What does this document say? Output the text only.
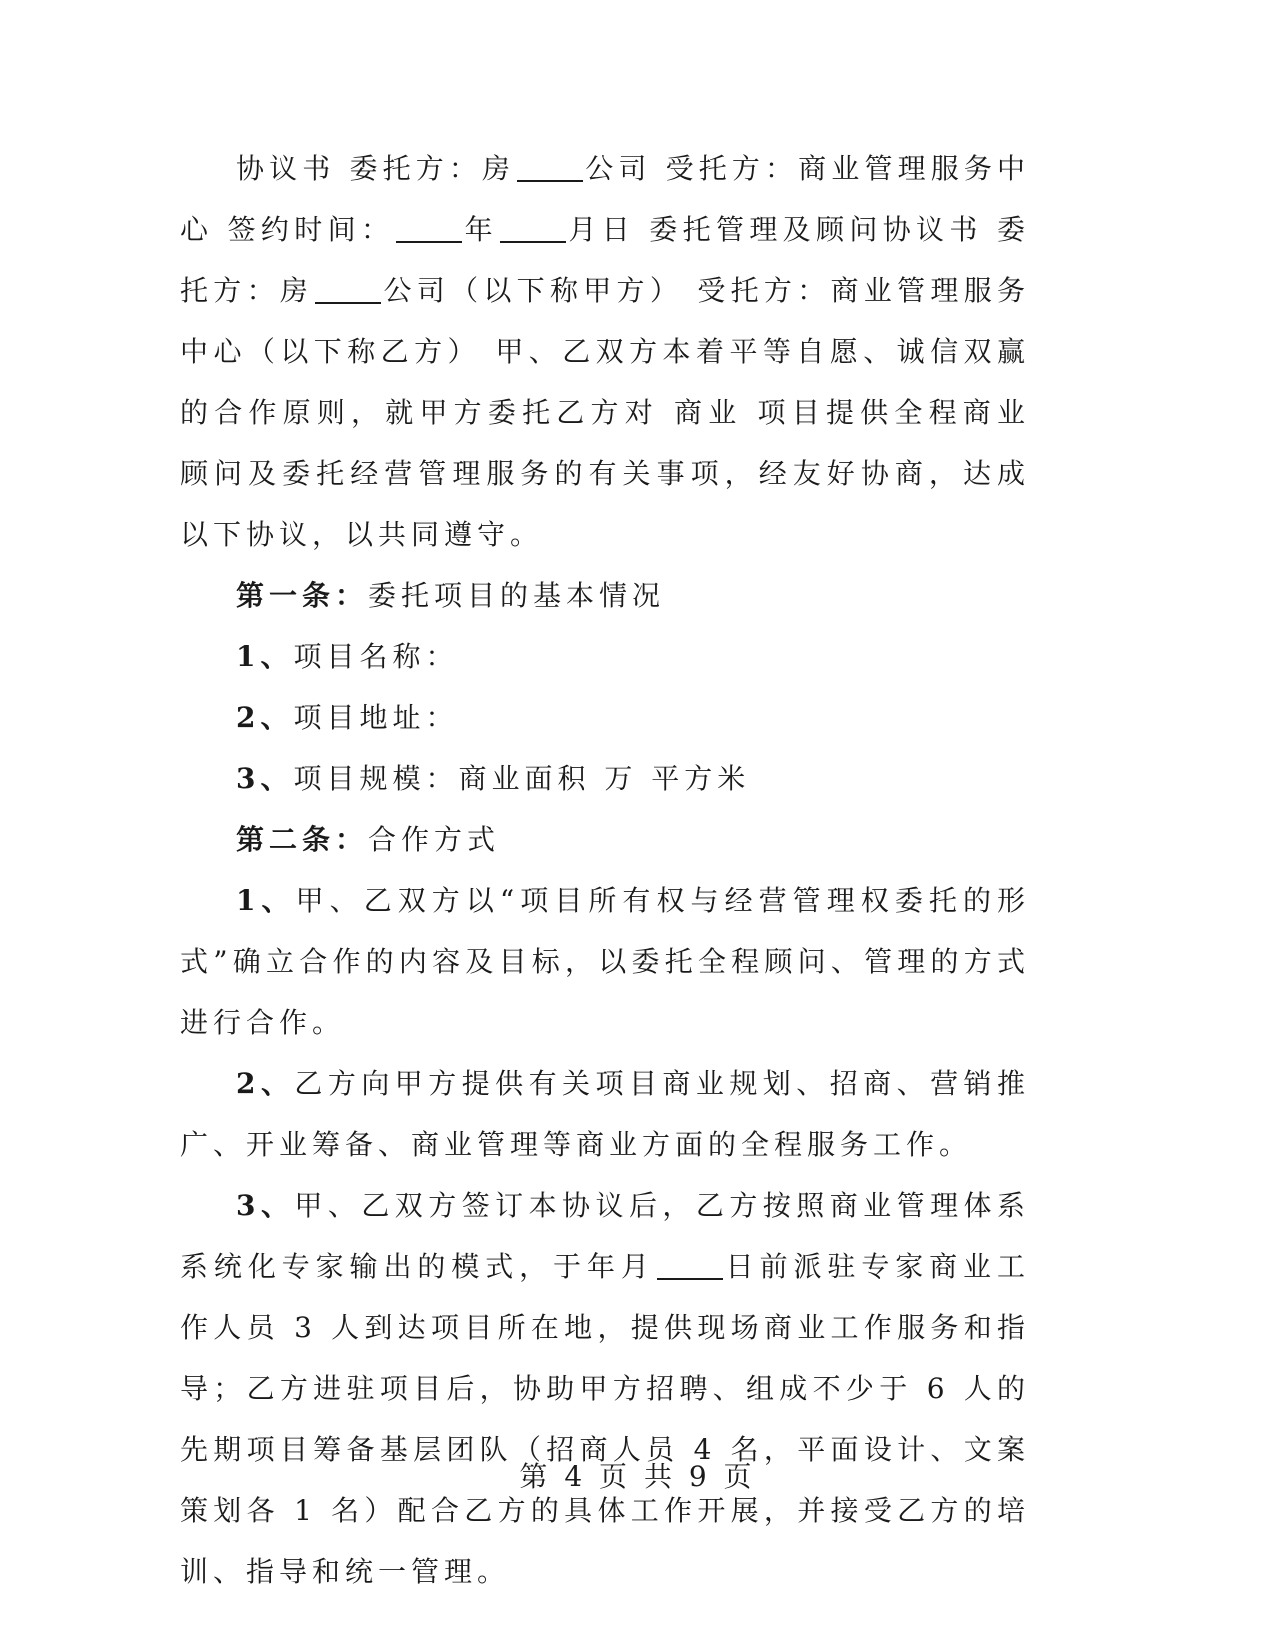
协议书 委托方：房	公司 受托方：商业管理服务中心 签约时间：	年	月日 委托管理及顾问协议书 委托方：房	公司（以下称甲方） 受托方：商业管理服务中心（以下称乙方） 甲、乙双方本着平等自愿、诚信双赢的合作原则，就甲方委托乙方对 商业 项目提供全程商业顾问及委托经营管理服务的有关事项，经友好协商，达成以下协议，以共同遵守。

第一条：委托项目的基本情况

1、项目名称：

2、项目地址：

3、项目规模：商业面积 万 平方米

第二条：合作方式

1、甲、乙双方以“项目所有权与经营管理权委托的形式”确立合作的内容及目标，以委托全程顾问、管理的方式进行合作。

2、乙方向甲方提供有关项目商业规划、招商、营销推广、开业筹备、商业管理等商业方面的全程服务工作。

3、甲、乙双方签订本协议后，乙方按照商业管理体系系统化专家输出的模式，于年月	日前派驻专家商业工作人员 3 人到达项目所在地，提供现场商业工作服务和指导；乙方进驻项目后，协助甲方招聘、组成不少于 6 人的先期项目筹备基层团队（招商人员 4 名，平面设计、文案策划各 1 名）配合乙方的具体工作开展，并接受乙方的培训、指导和统一管理。

第 4 页 共 9 页
